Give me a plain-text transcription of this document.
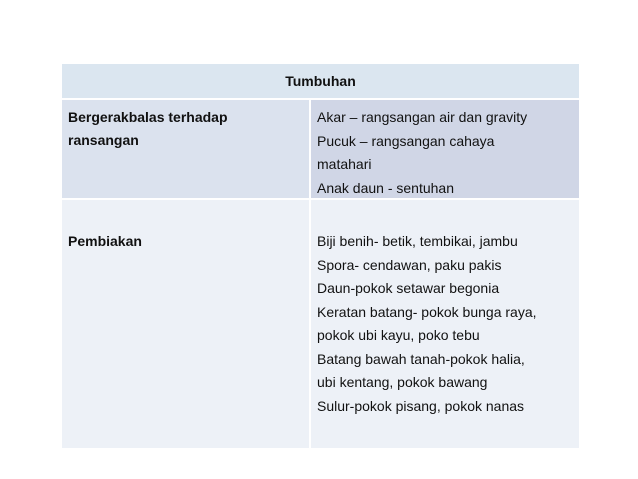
Tumbuhan
Bergerakbalas terhadap
ransangan
Akar – rangsangan air dan gravity
Pucuk – rangsangan cahaya
matahari
Anak daun - sentuhan
Pembiakan	Biji benih- betik, tembikai, jambu
Spora- cendawan, paku pakis
Daun-pokok setawar begonia
Keratan batang- pokok bunga raya,
pokok ubi kayu, poko tebu
Batang bawah tanah-pokok halia,
ubi kentang, pokok bawang
Sulur-pokok pisang, pokok nanas
